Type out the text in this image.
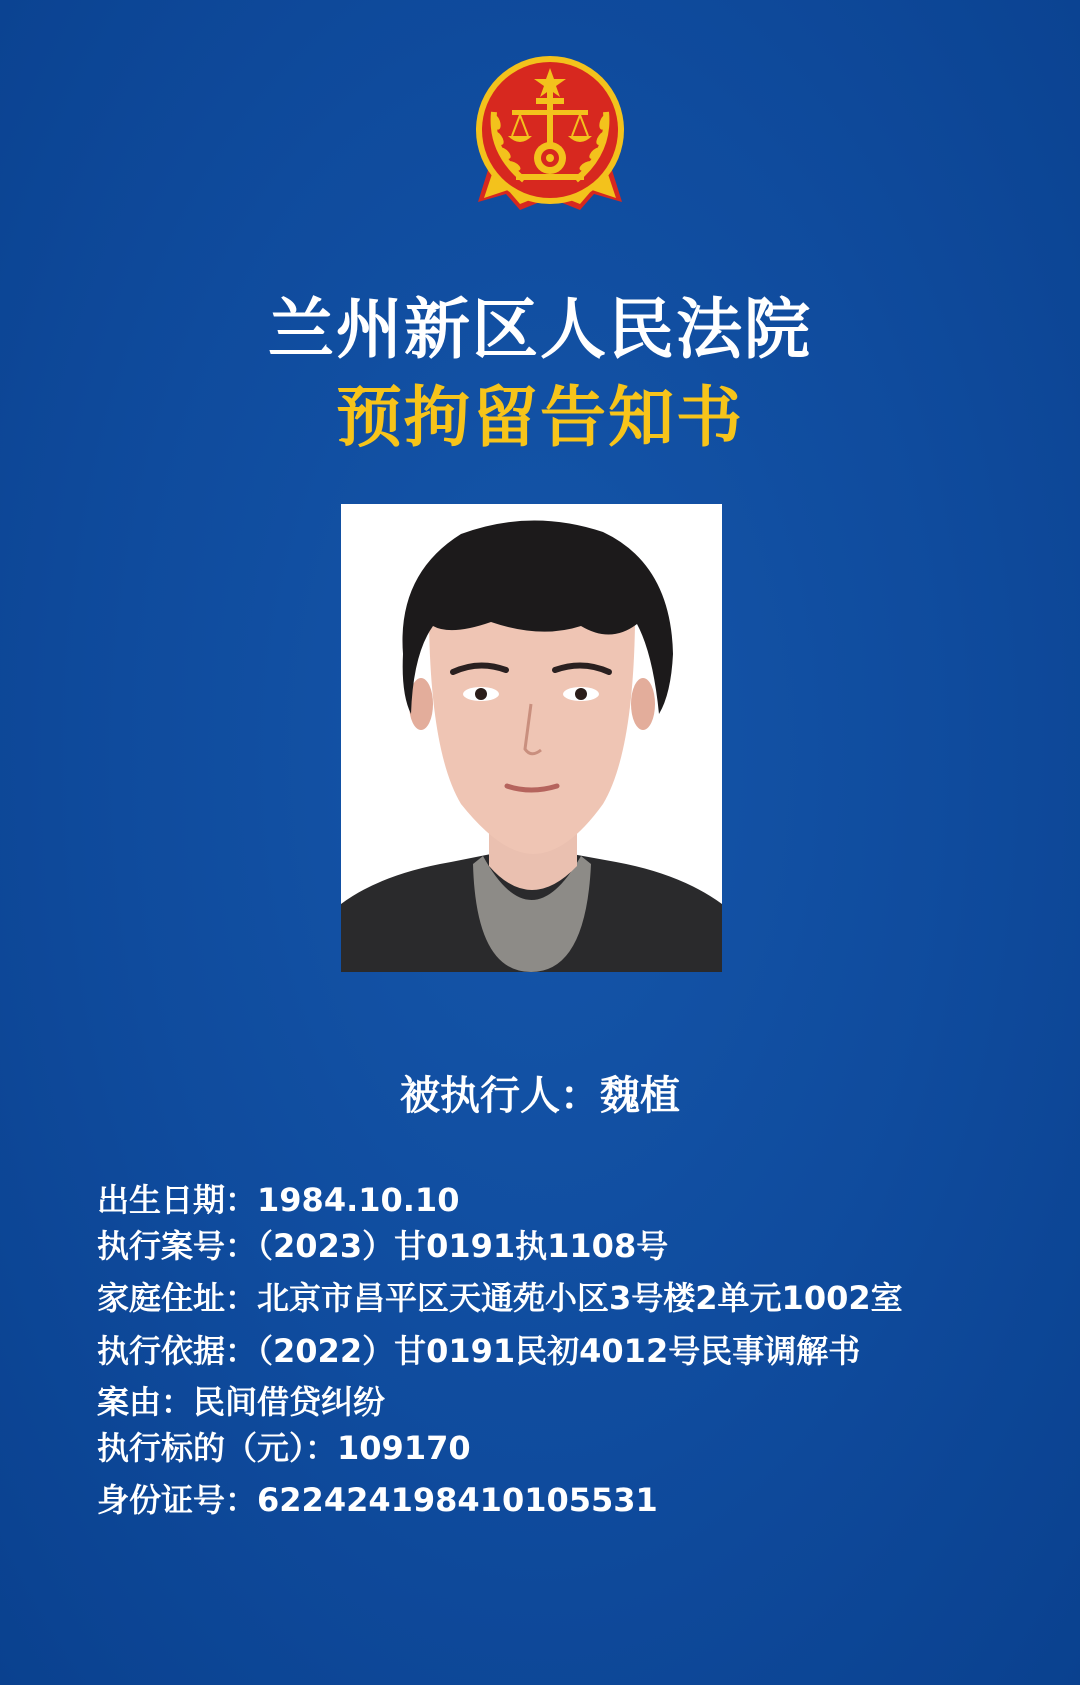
兰州新区人民法院
预拘留告知书
被执行人：魏植
出生日期：1984.10.10
执行案号：（2023）甘0191执1108号
家庭住址：北京市昌平区天通苑小区3号楼2单元1002室
执行依据：（2022）甘0191民初4012号民事调解书
案由：民间借贷纠纷
执行标的（元）：109170
身份证号：622424198410105531
